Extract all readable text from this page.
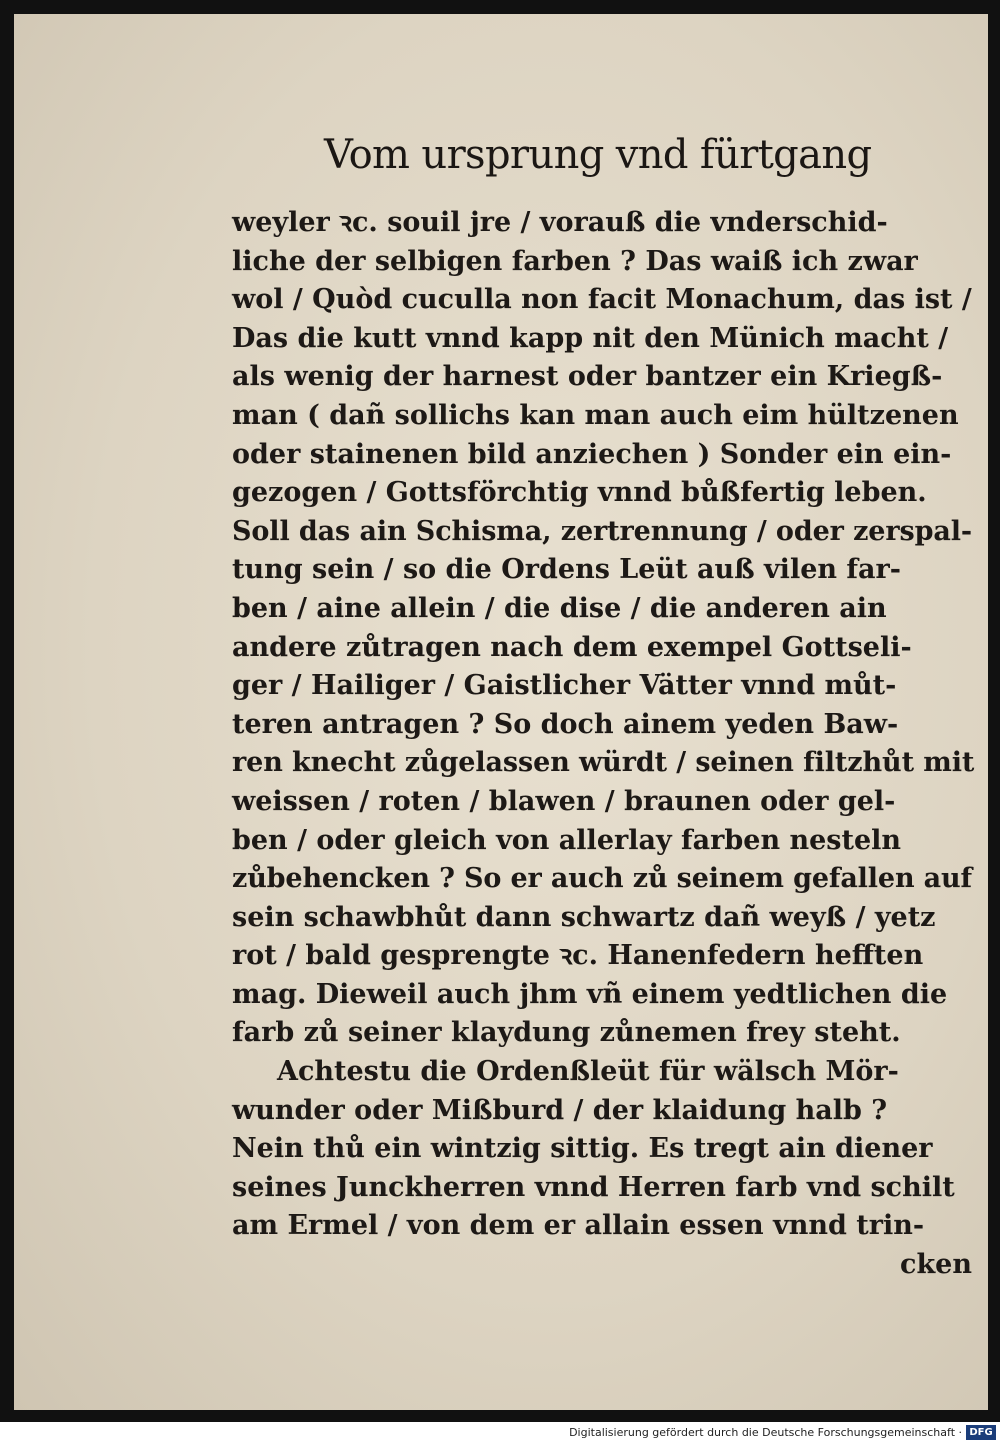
Vom ursprung vnd fürtgang
weyler ꝛc. souil jre / vorauß die vnderschid-
liche der selbigen farben ? Das waiß ich zwar
wol / Quòd cuculla non facit Monachum, das ist /
Das die kutt vnnd kapp nit den Münich macht /
als wenig der harnest oder bantzer ein Kriegß-
man ( dañ sollichs kan man auch eim hültzenen
oder stainenen bild anziechen ) Sonder ein ein-
gezogen / Gottsförchtig vnnd bůßfertig leben.
Soll das ain Schisma, zertrennung / oder zerspal-
tung sein / so die Ordens Leüt auß vilen far-
ben / aine allein / die dise / die anderen ain
andere zůtragen nach dem exempel Gottseli-
ger / Hailiger / Gaistlicher Vätter vnnd můt-
teren antragen ? So doch ainem yeden Baw-
ren knecht zůgelassen würdt / seinen filtzhůt mit
weissen / roten / blawen / braunen oder gel-
ben / oder gleich von allerlay farben nesteln
zůbehencken ? So er auch zů seinem gefallen auf
sein schawbhůt dann schwartz dañ weyß / yetz
rot / bald gesprengte ꝛc. Hanenfedern hefften
mag. Dieweil auch jhm vñ einem yedtlichen die
farb zů seiner klaydung zůnemen frey steht.
Achtestu die Ordenßleüt für wälsch Mör-
wunder oder Mißburd / der klaidung halb ?
Nein thů ein wintzig sittig. Es tregt ain diener
seines Junckherren vnnd Herren farb vnd schilt
am Ermel / von dem er allain essen vnnd trin-
cken
Digitalisierung gefördert durch die Deutsche Forschungsgemeinschaft · DFG
